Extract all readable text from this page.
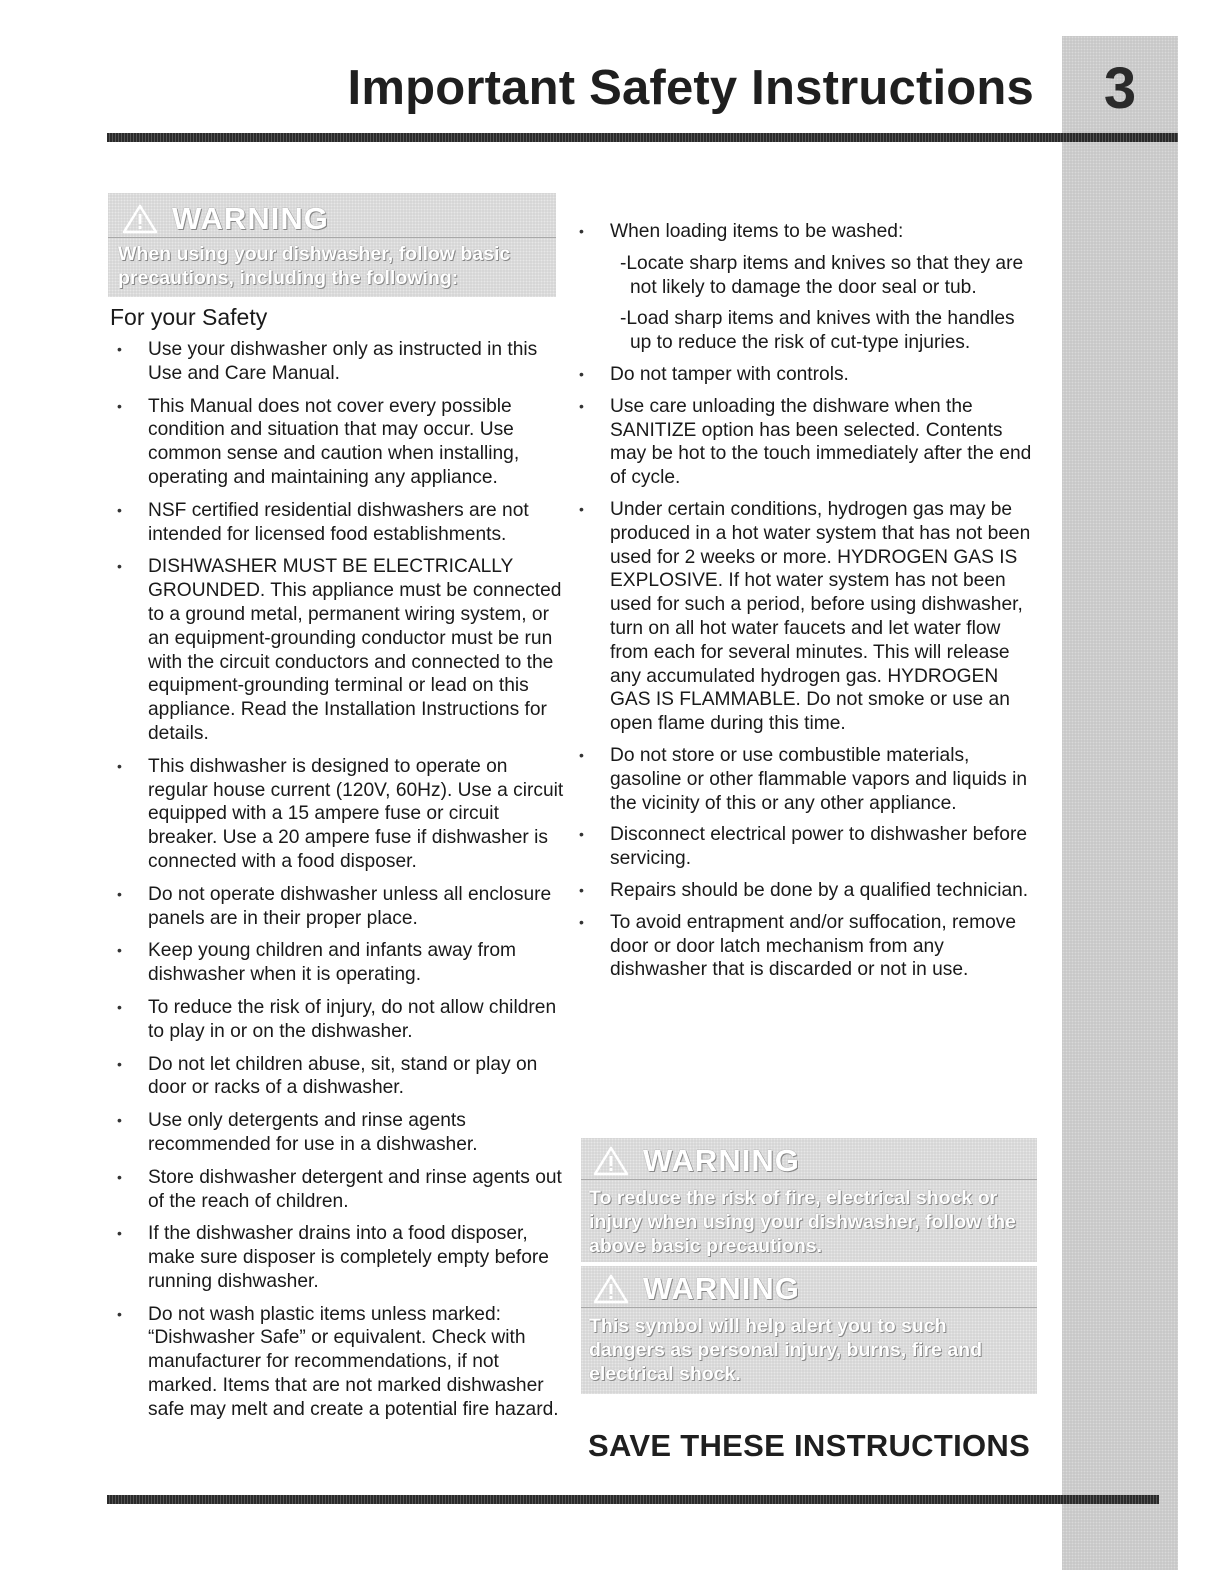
3
Important Safety Instructions
WARNING
When using your dishwasher, follow basic precautions, including the following:
For your Safety
• Use your dishwasher only as instructed in this Use and Care Manual.
• This Manual does not cover every possible condition and situation that may occur. Use common sense and caution when installing, operating and maintaining any appliance.
• NSF certified residential dishwashers are not intended for licensed food establishments.
• DISHWASHER MUST BE ELECTRICALLY GROUNDED. This appliance must be connected to a ground metal, permanent wiring system, or an equipment-grounding conductor must be run with the circuit conductors and connected to the equipment-grounding terminal or lead on this appliance. Read the Installation Instructions for details.
• This dishwasher is designed to operate on regular house current (120V, 60Hz). Use a circuit equipped with a 15 ampere fuse or circuit breaker. Use a 20 ampere fuse if dishwasher is connected with a food disposer.
• Do not operate dishwasher unless all enclosure panels are in their proper place.
• Keep young children and infants away from dishwasher when it is operating.
• To reduce the risk of injury, do not allow children to play in or on the dishwasher.
• Do not let children abuse, sit, stand or play on door or racks of a dishwasher.
• Use only detergents and rinse agents recommended for use in a dishwasher.
• Store dishwasher detergent and rinse agents out of the reach of children.
• If the dishwasher drains into a food disposer, make sure disposer is completely empty before running dishwasher.
• Do not wash plastic items unless marked: “Dishwasher Safe” or equivalent. Check with manufacturer for recommendations, if not marked. Items that are not marked dishwasher safe may melt and create a potential fire hazard.
• When loading items to be washed:
-Locate sharp items and knives so that they are not likely to damage the door seal or tub.
-Load sharp items and knives with the handles up to reduce the risk of cut-type injuries.
• Do not tamper with controls.
• Use care unloading the dishware when the SANITIZE option has been selected. Contents may be hot to the touch immediately after the end of cycle.
• Under certain conditions, hydrogen gas may be produced in a hot water system that has not been used for 2 weeks or more. HYDROGEN GAS IS EXPLOSIVE. If hot water system has not been used for such a period, before using dishwasher, turn on all hot water faucets and let water flow from each for several minutes. This will release any accumulated hydrogen gas. HYDROGEN GAS IS FLAMMABLE. Do not smoke or use an open flame during this time.
• Do not store or use combustible materials, gasoline or other flammable vapors and liquids in the vicinity of this or any other appliance.
• Disconnect electrical power to dishwasher before servicing.
• Repairs should be done by a qualified technician.
• To avoid entrapment and/or suffocation, remove door or door latch mechanism from any dishwasher that is discarded or not in use.
WARNING
To reduce the risk of fire, electrical shock or injury when using your dishwasher, follow the above basic precautions.
WARNING
This symbol will help alert you to such dangers as personal injury, burns, fire and electrical shock.
SAVE THESE INSTRUCTIONS
